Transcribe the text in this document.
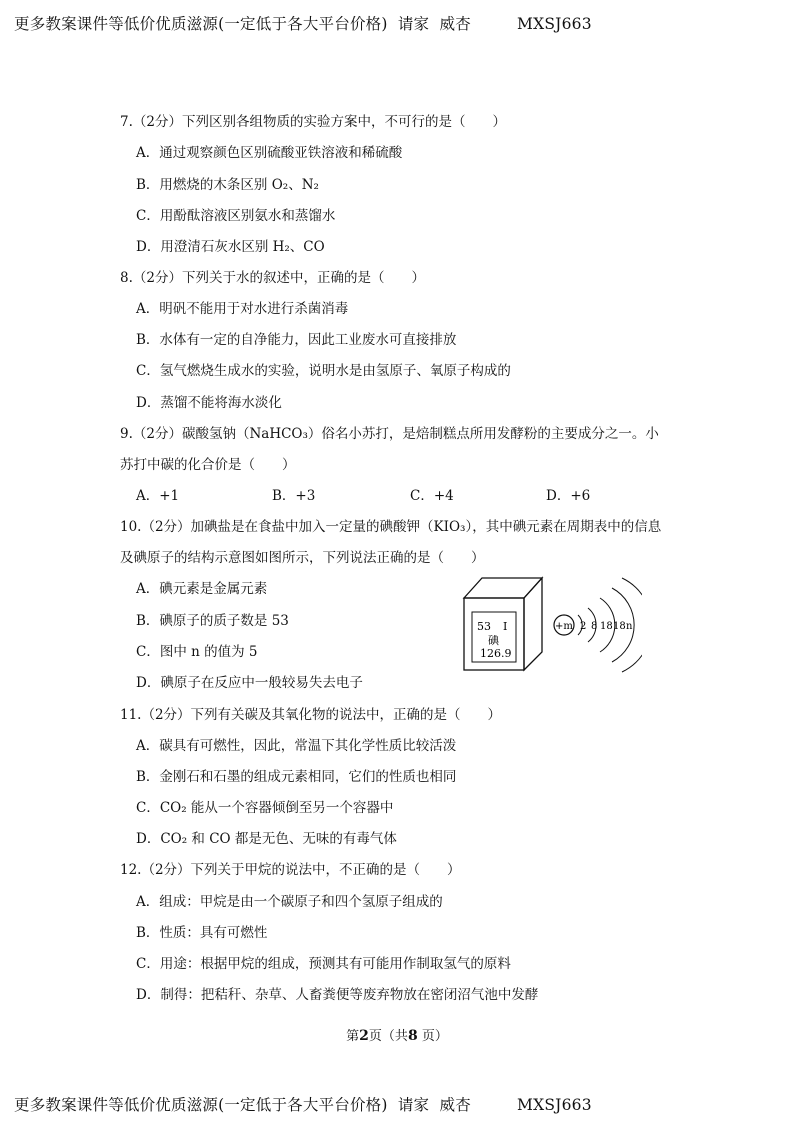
更多教案课件等低价优质滋源(一定低于各大平台价格)  请家  威杏         MXSJ663
7.（2分）下列区别各组物质的实验方案中，不可行的是（　　）
A．通过观察颜色区别硫酸亚铁溶液和稀硫酸
B．用燃烧的木条区别 O₂、N₂
C．用酚酞溶液区别氨水和蒸馏水
D．用澄清石灰水区别 H₂、CO
8.（2分）下列关于水的叙述中，正确的是（　　）
A．明矾不能用于对水进行杀菌消毒
B．水体有一定的自净能力，因此工业废水可直接排放
C．氢气燃烧生成水的实验，说明水是由氢原子、氧原子构成的
D．蒸馏不能将海水淡化
9.（2分）碳酸氢钠（NaHCO₃）俗名小苏打，是焙制糕点所用发酵粉的主要成分之一。小
苏打中碳的化合价是（　　）
A．+1	B．+3	C．+4	D．+6
10.（2分）加碘盐是在食盐中加入一定量的碘酸钾（KIO₃），其中碘元素在周期表中的信息
及碘原子的结构示意图如图所示，下列说法正确的是（　　）
A．碘元素是金属元素
B．碘原子的质子数是 53
C．图中 n 的值为 5
D．碘原子在反应中一般较易失去电子
53 I
碘
126.9
+m 2 8 18 18 n
11.（2分）下列有关碳及其氧化物的说法中，正确的是（　　）
A．碳具有可燃性，因此，常温下其化学性质比较活泼
B．金刚石和石墨的组成元素相同，它们的性质也相同
C．CO₂ 能从一个容器倾倒至另一个容器中
D．CO₂ 和 CO 都是无色、无味的有毒气体
12.（2分）下列关于甲烷的说法中，不正确的是（　　）
A．组成：甲烷是由一个碳原子和四个氢原子组成的
B．性质：具有可燃性
C．用途：根据甲烷的组成，预测其有可能用作制取氢气的原料
D．制得：把秸秆、杂草、人畜粪便等废弃物放在密闭沼气池中发酵
第2页（共8 页）
更多教案课件等低价优质滋源(一定低于各大平台价格)  请家  威杏         MXSJ663
